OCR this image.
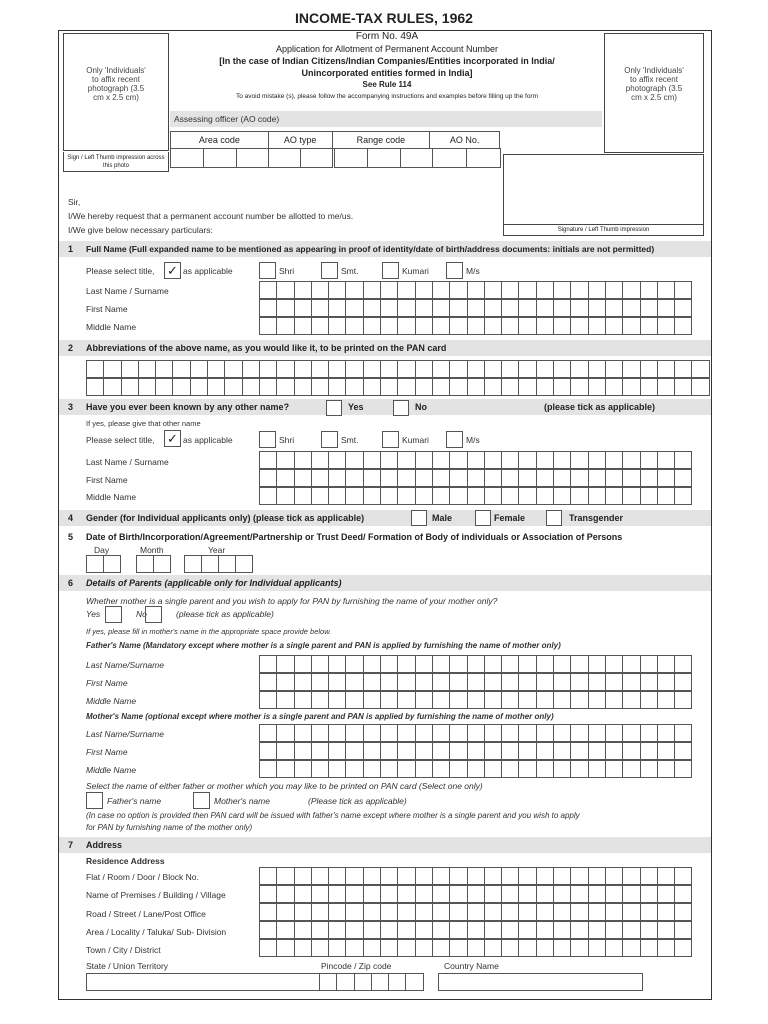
INCOME-TAX RULES, 1962
Only 'Individuals' to affix recent photograph (3.5 cm x 2.5 cm)
Sign / Left Thumb impression across this photo
Only 'Individuals' to affix recent photograph (3.5 cm x 2.5 cm)
Form No. 49A
Application for Allotment of Permanent Account Number
[In the case of Indian Citizens/Indian Companies/Entities incorporated in India/
Unincorporated entities formed in India]
See Rule 114
To avoid mistake (s), please follow the accompanying instructions and examples before filling up the form
Assessing officer (AO code)
Area code	AO type	Range code	AO No.
Signature / Left Thumb impression
Sir,
I/We hereby request that a permanent account number be allotted to me/us.
I/We give below necessary particulars:
1 Full Name (Full expanded name to be mentioned as appearing in proof of identity/date of birth/address documents: initials are not permitted)
Please select title, ✓ as applicable	Shri	Smt.	Kumari	M/s
Last Name / Surname
First Name
Middle Name
2 Abbreviations of the above name, as you would like it, to be printed on the PAN card
3 Have you ever been known by any other name?	Yes	No	(please tick as applicable)
If yes, please give that other name
Please select title, ✓ as applicable	Shri	Smt.	Kumari	M/s
Last Name / Surname
First Name
Middle Name
4 Gender (for Individual applicants only) (please tick as applicable)	Male	Female	Transgender
5 Date of Birth/Incorporation/Agreement/Partnership or Trust Deed/ Formation of Body of individuals or Association of Persons
Day	Month	Year
6 Details of Parents (applicable only for Individual applicants)
Whether mother is a single parent and you wish to apply for PAN by furnishing the name of your mother only?
Yes	No	(please tick as applicable)
If yes, please fill in mother's name in the appropriate space provide below.
Father's Name (Mandatory except where mother is a single parent and PAN is applied by furnishing the name of mother only)
Last Name/Surname
First Name
Middle Name
Mother's Name (optional except where mother is a single parent and PAN is applied by furnishing the name of mother only)
Last Name/Surname
First Name
Middle Name
Select the name of either father or mother which you may like to be printed on PAN card (Select one only)
Father's name	Mother's name	(Please tick as applicable)
(In case no option is provided then PAN card will be issued with father's name except where mother is a single parent and you wish to apply
for PAN by furnishing name of the mother only)
7 Address
Residence Address
Flat / Room / Door / Block No.
Name of Premises / Building / Village
Road / Street / Lane/Post Office
Area / Locality / Taluka/ Sub- Division
Town / City / District
State / Union Territory	Pincode / Zip code	Country Name
